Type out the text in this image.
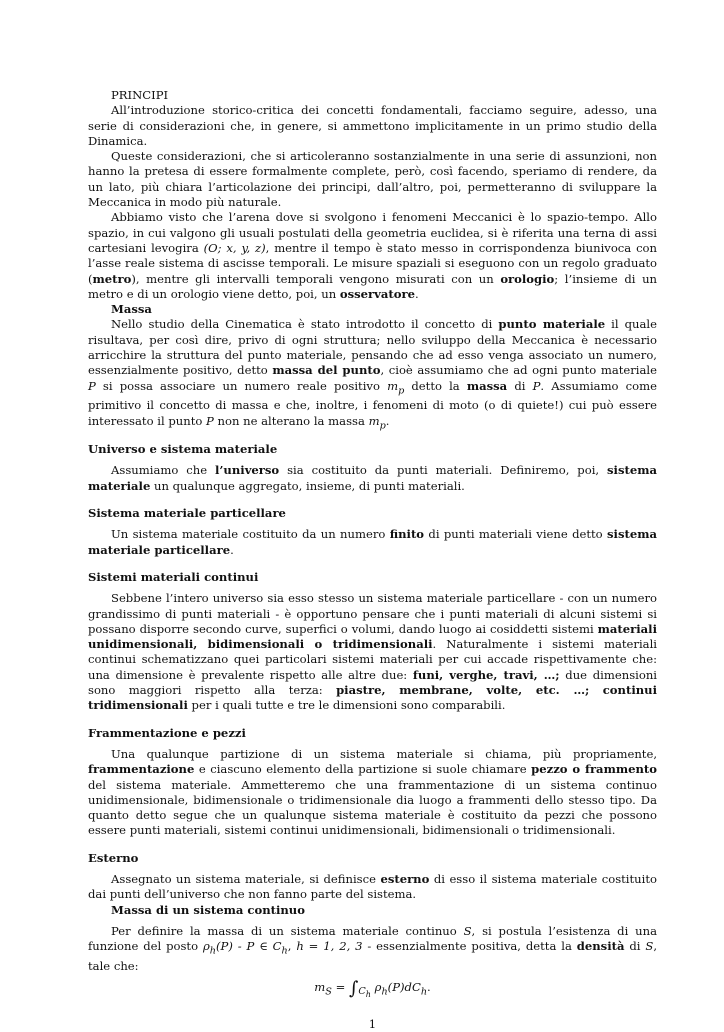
PRINCIPI

All’introduzione storico-critica dei concetti fondamentali, facciamo seguire, adesso, una serie di considerazioni che, in genere, si ammettono implicitamente in un primo studio della Dinamica.

Queste considerazioni, che si articoleranno sostanzialmente in una serie di assunzioni, non hanno la pretesa di essere formalmente complete, però, così facendo, speriamo di rendere, da un lato, più chiara l’articolazione dei principi, dall’altro, poi, permetteranno di sviluppare la Meccanica in modo più naturale.

Abbiamo visto che l’arena dove si svolgono i fenomeni Meccanici è lo spazio-tempo. Allo spazio, in cui valgono gli usuali postulati della geometria euclidea, si è riferita una terna di assi cartesiani levogira (O; x, y, z), mentre il tempo è stato messo in corrispondenza biunivoca con l’asse reale sistema di ascisse temporali. Le misure spaziali si eseguono con un regolo graduato (metro), mentre gli intervalli temporali vengono misurati con un orologio; l’insieme di un metro e di un orologio viene detto, poi, un osservatore.

Massa

Nello studio della Cinematica è stato introdotto il concetto di punto materiale il quale risultava, per così dire, privo di ogni struttura; nello sviluppo della Meccanica è necessario arricchire la struttura del punto materiale, pensando che ad esso venga associato un numero, essenzialmente positivo, detto massa del punto, cioè assumiamo che ad ogni punto materiale P si possa associare un numero reale positivo $m_p$ detto la massa di P. Assumiamo come primitivo il concetto di massa e che, inoltre, i fenomeni di moto (o di quiete!) cui può essere interessato il punto P non ne alterano la massa $m_p$.

Universo e sistema materiale

Assumiamo che l’universo sia costituito da punti materiali. Definiremo, poi, sistema materiale un qualunque aggregato, insieme, di punti materiali.

Sistema materiale particellare

Un sistema materiale costituito da un numero finito di punti materiali viene detto sistema materiale particellare.

Sistemi materiali continui

Sebbene l’intero universo sia esso stesso un sistema materiale particellare - con un numero grandissimo di punti materiali - è opportuno pensare che i punti materiali di alcuni sistemi si possano disporre secondo curve, superfici o volumi, dando luogo ai cosiddetti sistemi materiali unidimensionali, bidimensionali o tridimensionali. Naturalmente i sistemi materiali continui schematizzano quei particolari sistemi materiali per cui accade rispettivamente che: una dimensione è prevalente rispetto alle altre due: funi, verghe, travi, …; due dimensioni sono maggiori rispetto alla terza: piastre, membrane, volte, etc. …; continui tridimensionali per i quali tutte e tre le dimensioni sono comparabili.

Frammentazione e pezzi

Una qualunque partizione di un sistema materiale si chiama, più propriamente, frammentazione e ciascuno elemento della partizione si suole chiamare pezzo o frammento del sistema materiale. Ammetteremo che una frammentazione di un sistema continuo unidimensionale, bidimensionale o tridimensionale dia luogo a frammenti dello stesso tipo. Da quanto detto segue che un qualunque sistema materiale è costituito da pezzi che possono essere punti materiali, sistemi continui unidimensionali, bidimensionali o tridimensionali.

Esterno

Assegnato un sistema materiale, si definisce esterno di esso il sistema materiale costituito dai punti dell’universo che non fanno parte del sistema.

Massa di un sistema continuo

Per definire la massa di un sistema materiale continuo S, si postula l’esistenza di una funzione del posto $\rho_h(P)$ - P ∈ $C_h$, h = 1, 2, 3 - essenzialmente positiva, detta la densità di S, tale che:

$m_S = \int_{C_h}$ $\rho_h(P)dC_h$.

1
